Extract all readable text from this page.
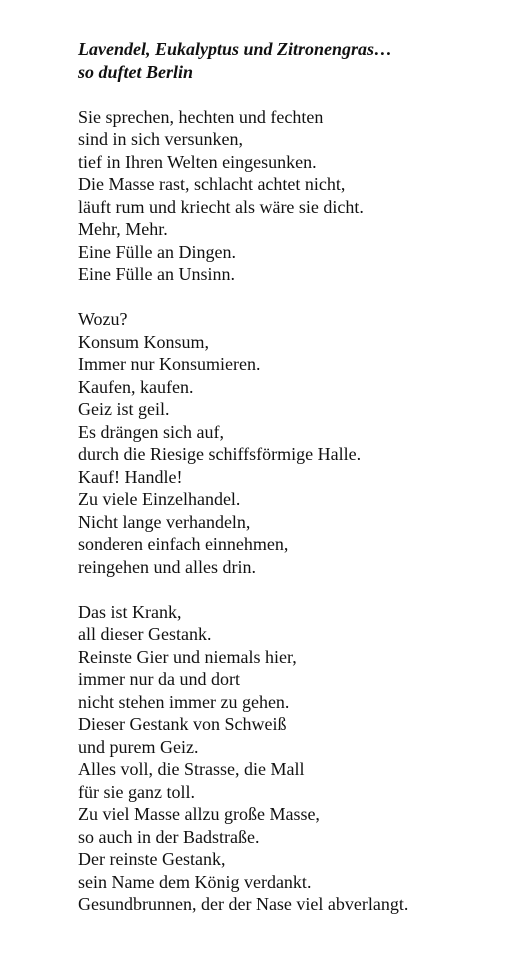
Lavendel, Eukalyptus und Zitronengras…
so duftet Berlin
Sie sprechen, hechten und fechten
sind in sich versunken,
tief in Ihren Welten eingesunken.
Die Masse rast, schlacht achtet nicht,
läuft rum und kriecht als wäre sie dicht.
Mehr, Mehr.
Eine Fülle an Dingen.
Eine Fülle an Unsinn.
Wozu?
Konsum Konsum,
Immer nur Konsumieren.
Kaufen, kaufen.
Geiz ist geil.
Es drängen sich auf,
durch die Riesige schiffsförmige Halle.
Kauf! Handle!
Zu viele Einzelhandel.
Nicht lange verhandeln,
sonderen einfach einnehmen,
reingehen und alles drin.
Das ist Krank,
all dieser Gestank.
Reinste Gier und niemals hier,
immer nur da und dort
nicht stehen immer zu gehen.
Dieser Gestank von Schweiß
und purem Geiz.
Alles voll, die Strasse, die Mall
für sie ganz toll.
Zu viel Masse allzu große Masse,
so auch in der Badstraße.
Der reinste Gestank,
sein Name dem König verdankt.
Gesundbrunnen, der der Nase viel abverlangt.
